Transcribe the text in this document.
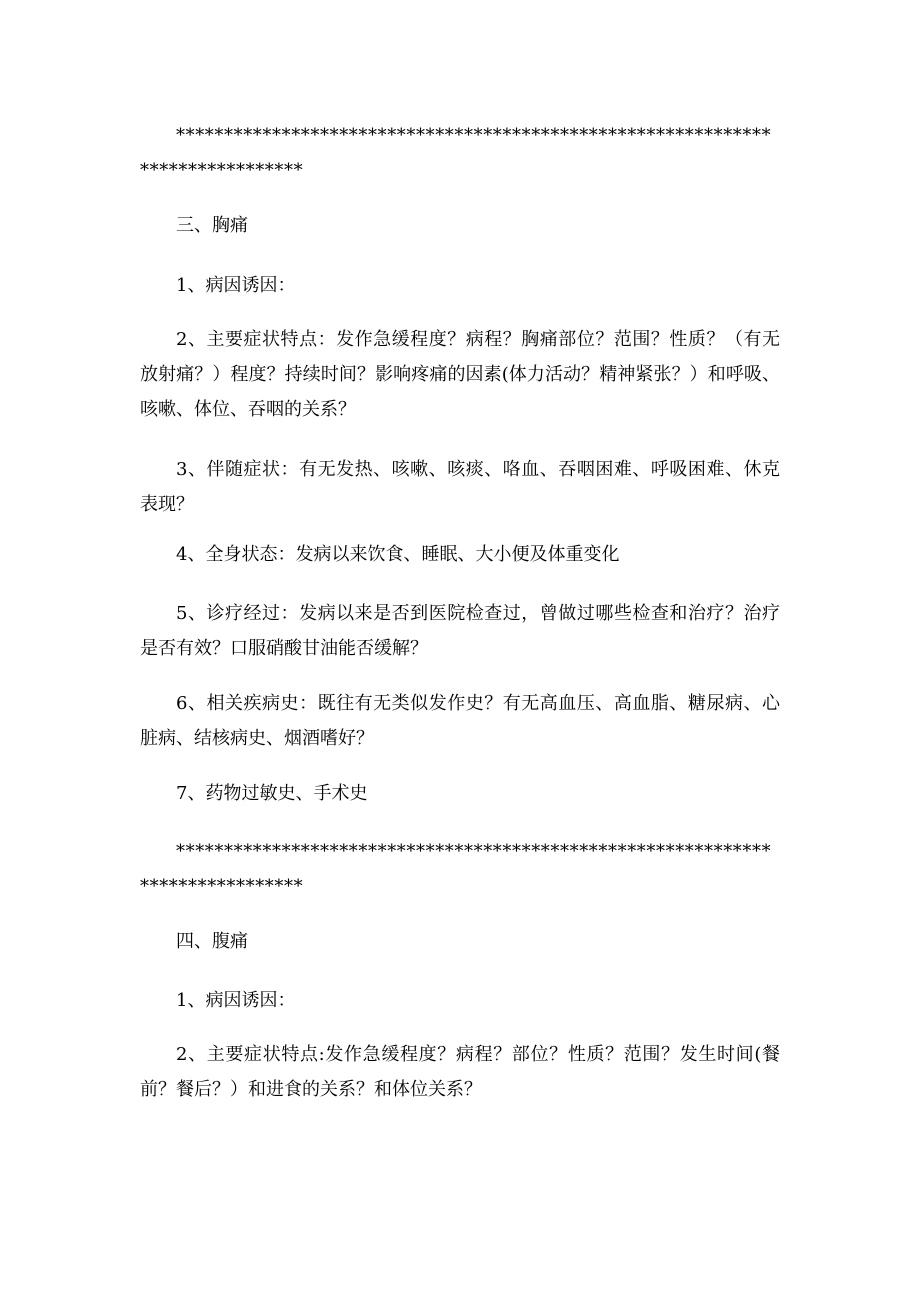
*******************************************************************************
三、胸痛
1、病因诱因：
2、主要症状特点：发作急缓程度？病程？胸痛部位？范围？性质？（有无放射痛？）程度？持续时间？影响疼痛的因素(体力活动？精神紧张？）和呼吸、咳嗽、体位、吞咽的关系？
3、伴随症状：有无发热、咳嗽、咳痰、咯血、吞咽困难、呼吸困难、休克表现？
4、全身状态：发病以来饮食、睡眠、大小便及体重变化
5、诊疗经过：发病以来是否到医院检查过，曾做过哪些检查和治疗？治疗是否有效？口服硝酸甘油能否缓解？
6、相关疾病史：既往有无类似发作史？有无高血压、高血脂、糖尿病、心脏病、结核病史、烟酒嗜好？
7、药物过敏史、手术史
*******************************************************************************
四、腹痛
1、病因诱因：
2、主要症状特点:发作急缓程度？病程？部位？性质？范围？发生时间(餐前？餐后？）和进食的关系？和体位关系？
